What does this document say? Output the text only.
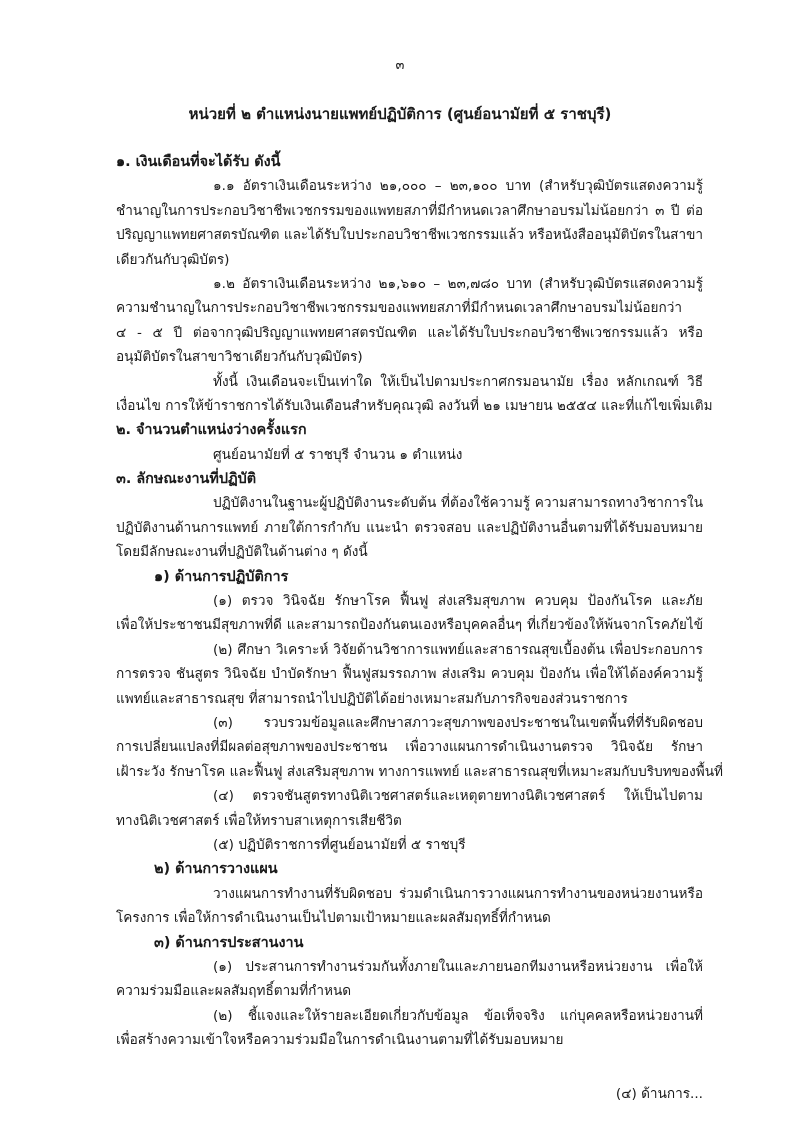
๓
หน่วยที่ ๒ ตำแหน่งนายแพทย์ปฏิบัติการ (ศูนย์อนามัยที่ ๕ ราชบุรี)
๑. เงินเดือนที่จะได้รับ ดังนี้
๑.๑ อัตราเงินเดือนระหว่าง ๒๑,๐๐๐ – ๒๓,๑๐๐ บาท (สำหรับวุฒิบัตรแสดงความรู้
ชำนาญในการประกอบวิชาชีพเวชกรรมของแพทยสภาที่มีกำหนดเวลาศึกษาอบรมไม่น้อยกว่า ๓ ปี ต่อ
ปริญญาแพทยศาสตรบัณฑิต และได้รับใบประกอบวิชาชีพเวชกรรมแล้ว หรือหนังสืออนุมัติบัตรในสาขา
เดียวกันกับวุฒิบัตร)
๑.๒ อัตราเงินเดือนระหว่าง ๒๑,๖๑๐ – ๒๓,๗๘๐ บาท (สำหรับวุฒิบัตรแสดงความรู้
ความชำนาญในการประกอบวิชาชีพเวชกรรมของแพทยสภาที่มีกำหนดเวลาศึกษาอบรมไม่น้อยกว่า
๔ - ๕ ปี ต่อจากวุฒิปริญญาแพทยศาสตรบัณฑิต และได้รับใบประกอบวิชาชีพเวชกรรมแล้ว หรือ
อนุมัติบัตรในสาขาวิชาเดียวกันกับวุฒิบัตร)
ทั้งนี้ เงินเดือนจะเป็นเท่าใด ให้เป็นไปตามประกาศกรมอนามัย เรื่อง หลักเกณฑ์ วิธี
เงื่อนไข การให้ข้าราชการได้รับเงินเดือนสำหรับคุณวุฒิ ลงวันที่ ๒๑ เมษายน ๒๕๕๔ และที่แก้ไขเพิ่มเติม
๒. จำนวนตำแหน่งว่างครั้งแรก
ศูนย์อนามัยที่ ๕ ราชบุรี จำนวน ๑ ตำแหน่ง
๓. ลักษณะงานที่ปฏิบัติ
ปฏิบัติงานในฐานะผู้ปฏิบัติงานระดับต้น ที่ต้องใช้ความรู้ ความสามารถทางวิชาการใน
ปฏิบัติงานด้านการแพทย์ ภายใต้การกำกับ แนะนำ ตรวจสอบ และปฏิบัติงานอื่นตามที่ได้รับมอบหมาย
โดยมีลักษณะงานที่ปฏิบัติในด้านต่าง ๆ ดังนี้
๑) ด้านการปฏิบัติการ
(๑) ตรวจ วินิจฉัย รักษาโรค ฟื้นฟู ส่งเสริมสุขภาพ ควบคุม ป้องกันโรค และภัย
เพื่อให้ประชาชนมีสุขภาพที่ดี และสามารถป้องกันตนเองหรือบุคคลอื่นๆ ที่เกี่ยวข้องให้พ้นจากโรคภัยไข้
(๒) ศึกษา วิเคราะห์ วิจัยด้านวิชาการแพทย์และสาธารณสุขเบื้องต้น เพื่อประกอบการ
การตรวจ ชันสูตร วินิจฉัย บำบัดรักษา ฟื้นฟูสมรรถภาพ ส่งเสริม ควบคุม ป้องกัน เพื่อให้ได้องค์ความรู้
แพทย์และสาธารณสุข ที่สามารถนำไปปฏิบัติได้อย่างเหมาะสมกับภารกิจของส่วนราชการ
(๓) รวบรวมข้อมูลและศึกษาสภาวะสุขภาพของประชาชนในเขตพื้นที่ที่รับผิดชอบ
การเปลี่ยนแปลงที่มีผลต่อสุขภาพของประชาชน เพื่อวางแผนการดำเนินงานตรวจ วินิจฉัย รักษา
เฝ้าระวัง รักษาโรค และฟื้นฟู ส่งเสริมสุขภาพ ทางการแพทย์ และสาธารณสุขที่เหมาะสมกับบริบทของพื้นที่
(๔) ตรวจชันสูตรทางนิติเวชศาสตร์และเหตุตายทางนิติเวชศาสตร์ ให้เป็นไปตาม
ทางนิติเวชศาสตร์ เพื่อให้ทราบสาเหตุการเสียชีวิต
(๕) ปฏิบัติราชการที่ศูนย์อนามัยที่ ๕ ราชบุรี
๒) ด้านการวางแผน
วางแผนการทำงานที่รับผิดชอบ ร่วมดำเนินการวางแผนการทำงานของหน่วยงานหรือ
โครงการ เพื่อให้การดำเนินงานเป็นไปตามเป้าหมายและผลสัมฤทธิ์ที่กำหนด
๓) ด้านการประสานงาน
(๑) ประสานการทำงานร่วมกันทั้งภายในและภายนอกทีมงานหรือหน่วยงาน เพื่อให้
ความร่วมมือและผลสัมฤทธิ์ตามที่กำหนด
(๒) ชี้แจงและให้รายละเอียดเกี่ยวกับข้อมูล ข้อเท็จจริง แก่บุคคลหรือหน่วยงานที่
เพื่อสร้างความเข้าใจหรือความร่วมมือในการดำเนินงานตามที่ได้รับมอบหมาย
(๔) ด้านการ...
